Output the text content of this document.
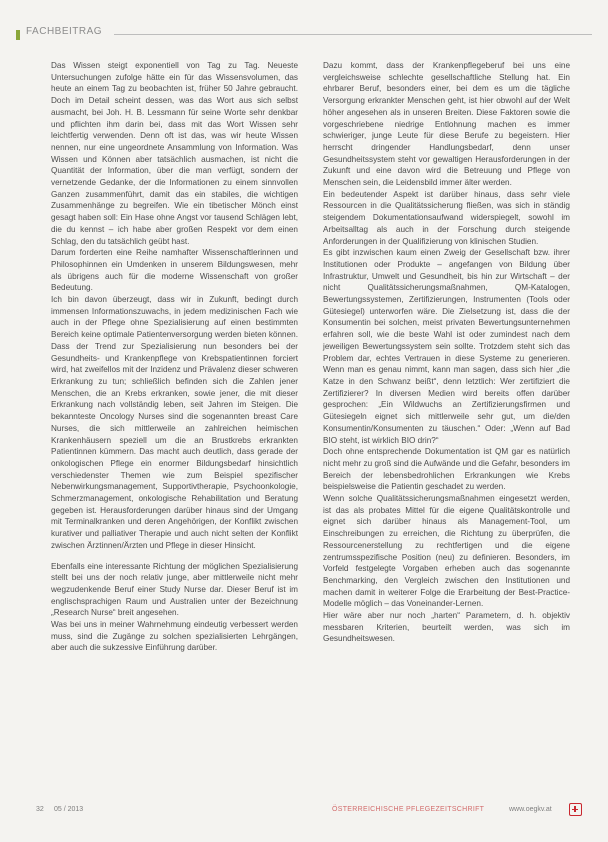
FACHBEITRAG

Das Wissen steigt exponentiell von Tag zu Tag. Neueste Untersuchungen zufolge hätte ein für das Wissensvolumen, das heute an einem Tag zu beobachten ist, früher 50 Jahre gebraucht. Doch im Detail scheint dessen, was das Wort aus sich selbst ausmacht, bei Joh. H. B. Lessmann für seine Worte sehr denkbar und pflichten ihm darin bei, dass mit das Wort Wissen sehr leichtfertig verwenden. Denn oft ist das, was wir heute Wissen nennen, nur eine ungeordnete Ansammlung von Information. Was Wissen und Können aber tatsächlich ausmachen, ist nicht die Quantität der Information, über die man verfügt, sondern der vernetzende Gedanke, der die Informationen zu einem sinnvollen Ganzen zusammenführt, damit das ein stabiles, die wichtigen Zusammenhänge zu begreifen. Wie ein tibetischer Mönch einst gesagt haben soll: Ein Hase ohne Angst vor tausend Schlägen lebt, die du kennst – ich habe aber großen Respekt vor dem einen Schlag, den du tatsächlich geübt hast.

Darum forderten eine Reihe namhafter Wissenschaftlerinnen und Philosophinnen ein Umdenken in unserem Bildungswesen, mehr als übrigens auch für die moderne Wissenschaft von großer Bedeutung.

Ich bin davon überzeugt, dass wir in Zukunft, bedingt durch immensen Informationszuwachs, in jedem medizinischen Fach wie auch in der Pflege ohne Spezialisierung auf einen bestimmten Bereich keine optimale Patientenversorgung werden bieten können. Dass der Trend zur Spezialisierung nun besonders bei der Gesundheits- und Krankenpflege von Krebspatientinnen forciert wird, hat zweifellos mit der Inzidenz und Prävalenz dieser schweren Erkrankung zu tun; schließlich befinden sich die Zahlen jener Menschen, die an Krebs erkranken, sowie jener, die mit dieser Erkrankung nach vollständig leben, seit Jahren im Steigen. Die bekannteste Oncology Nurses sind die sogenannten breast Care Nurses, die sich mittlerweile an zahlreichen heimischen Krankenhäusern speziell um die an Brustkrebs erkrankten Patientinnen kümmern. Das macht auch deutlich, dass gerade der onkologischen Pflege ein enormer Bildungsbedarf hinsichtlich verschiedenster Themen wie zum Beispiel spezifischer Nebenwirkungsmanagement, Supportivtherapie, Psychoonkologie, Schmerzmanagement, onkologische Rehabilitation und Beratung gegeben ist. Herausforderungen darüber hinaus sind der Umgang mit Terminalkranken und deren Angehörigen, der Konflikt zwischen kurativer und palliativer Therapie und auch nicht selten der Konflikt zwischen Ärztinnen/Ärzten und Pflege in dieser Hinsicht.

Ebenfalls eine interessante Richtung der möglichen Spezialisierung stellt bei uns der noch relativ junge, aber mittlerweile nicht mehr wegzudenkende Beruf einer Study Nurse dar. Dieser Beruf ist im englischsprachigen Raum und Australien unter der Bezeichnung „Research Nurse“ breit angesehen.

Was bei uns in meiner Wahrnehmung eindeutig verbessert werden muss, sind die Zugänge zu solchen spezialisierten Lehrgängen, aber auch die sukzessive Einführung darüber.

Dazu kommt, dass der Krankenpflegeberuf bei uns eine vergleichsweise schlechte gesellschaftliche Stellung hat. Ein ehrbarer Beruf, besonders einer, bei dem es um die tägliche Versorgung erkrankter Menschen geht, ist hier obwohl auf der Welt höher angesehen als in unseren Breiten. Diese Faktoren sowie die vorgeschriebene niedrige Entlohnung machen es immer schwieriger, junge Leute für diese Berufe zu begeistern. Hier herrscht dringender Handlungsbedarf, denn unser Gesundheitssystem steht vor gewaltigen Herausforderungen in der Zukunft und eine davon wird die Betreuung und Pflege von Menschen sein, die Leidensbild immer älter werden.

Ein bedeutender Aspekt ist darüber hinaus, dass sehr viele Ressourcen in die Qualitätssicherung fließen, was sich in ständig steigendem Dokumentationsaufwand widerspiegelt, sowohl im Arbeitsalltag als auch in der Forschung durch steigende Anforderungen in der Qualifizierung von klinischen Studien.

Es gibt inzwischen kaum einen Zweig der Gesellschaft bzw. ihrer Institutionen oder Produkte – angefangen von Bildung über Infrastruktur, Umwelt und Gesundheit, bis hin zur Wirtschaft – der nicht Qualitätssicherungsmaßnahmen, QM-Katalogen, Bewertungssystemen, Zertifizierungen, Instrumenten (Tools oder Gütesiegel) unterworfen wäre. Die Zielsetzung ist, dass die der Konsumentin bei solchen, meist privaten Bewertungsunternehmen erfahren soll, wie die beste Wahl ist oder zumindest nach dem jeweiligen Bewertungssystem sein sollte. Trotzdem steht sich das Problem dar, echtes Vertrauen in diese Systeme zu generieren. Wenn man es genau nimmt, kann man sagen, dass sich hier „die Katze in den Schwanz beißt“, denn letztlich: Wer zertifiziert die Zertifizierer? In diversen Medien wird bereits offen darüber gesprochen: „Ein Wildwuchs an Zertifizierungsfirmen und Gütesiegeln eignet sich mittlerweile sehr gut, um die/den Konsumentin/Konsumenten zu täuschen.“ Oder: „Wenn auf Bad BIO steht, ist wirklich BIO drin?“

Doch ohne entsprechende Dokumentation ist QM gar es natürlich nicht mehr zu groß sind die Aufwände und die Gefahr, besonders im Bereich der lebensbedrohlichen Erkrankungen wie Krebs beispielsweise die Patientin geschadet zu werden.

Wenn solche Qualitätssicherungsmaßnahmen eingesetzt werden, ist das als probates Mittel für die eigene Qualitätskontrolle und eignet sich darüber hinaus als Management-Tool, um Einschreibungen zu erreichen, die Richtung zu überprüfen, die Ressourcenerstellung zu rechtfertigen und die eigene zentrumsspezifische Position (neu) zu definieren. Besonders, im Vorfeld festgelegte Vorgaben erheben auch das sogenannte Benchmarking, den Vergleich zwischen den Institutionen und machen damit in weiterer Folge die Erarbeitung der Best-Practice-Modelle möglich – das Voneinander-Lernen.

Hier wäre aber nur noch „harten“ Parametern, d. h. objektiv messbaren Kriterien, beurteilt werden, was sich im Gesundheitswesen.

32 05 / 2013	ÖSTERREICHISCHE PFLEGEZEITSCHRIFT	www.oegkv.at
